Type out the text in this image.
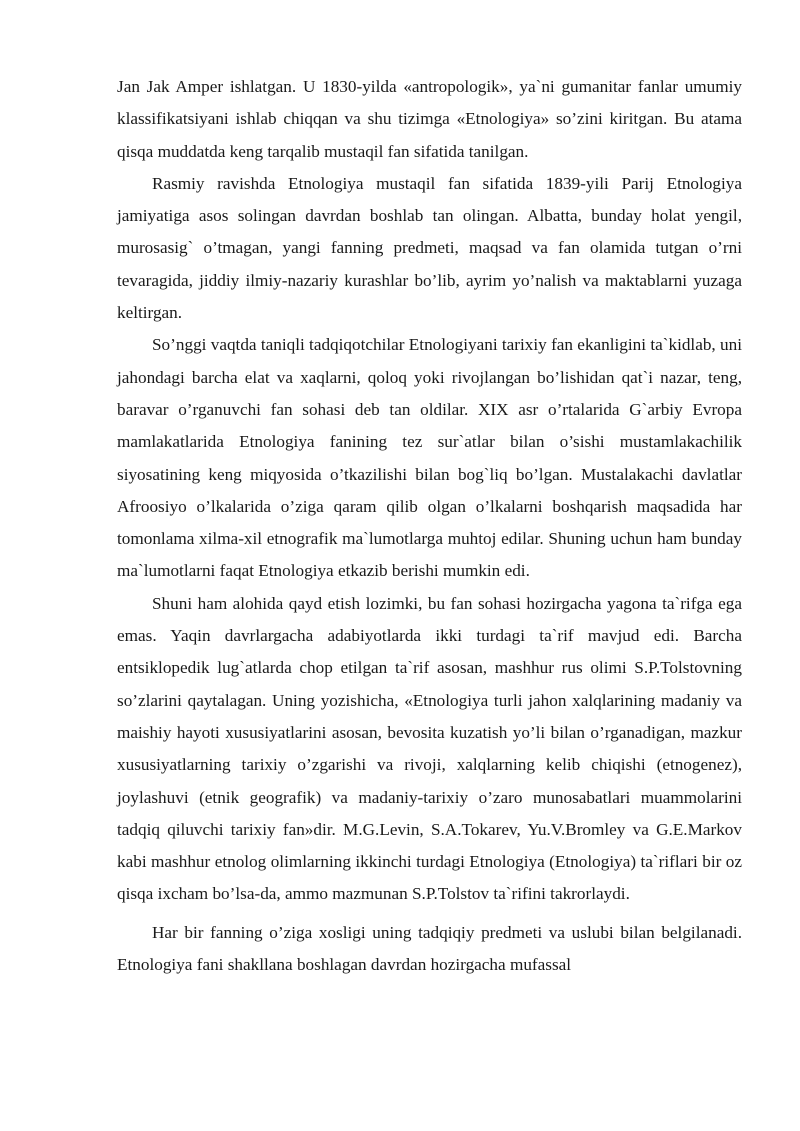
Jan Jak Amper ishlatgan. U 1830-yilda «antropologik», ya`ni gumanitar fanlar umumiy klassifikatsiyani ishlab chiqqan va shu tizimga «Etnologiya» so’zini kiritgan. Bu atama qisqa muddatda keng tarqalib mustaqil fan sifatida tanilgan.

Rasmiy ravishda Etnologiya mustaqil fan sifatida 1839-yili Parij Etnologiya jamiyatiga asos solingan davrdan boshlab tan olingan. Albatta, bunday holat yengil, murosasig` o’tmagan, yangi fanning predmeti, maqsad va fan olamida tutgan o’rni tevaragida, jiddiy ilmiy-nazariy kurashlar bo’lib, ayrim yo’nalish va maktablarni yuzaga keltirgan.

So’nggi vaqtda taniqli tadqiqotchilar Etnologiyani tarixiy fan ekanligini ta`kidlab, uni jahondagi barcha elat va xaqlarni, qoloq yoki rivojlangan bo’lishidan qat`i nazar, teng, baravar o’rganuvchi fan sohasi deb tan oldilar. XIX asr o’rtalarida G`arbiy Evropa mamlakatlarida Etnologiya fanining tez sur`atlar bilan o’sishi mustamlakachilik siyosatining keng miqyosida o’tkazilishi bilan bog`liq bo’lgan. Mustalakachi davlatlar Afroosiyo o’lkalarida o’ziga qaram qilib olgan o’lkalarni boshqarish maqsadida har tomonlama xilma-xil etnografik ma`lumotlarga muhtoj edilar. Shuning uchun ham bunday ma`lumotlarni faqat Etnologiya etkazib berishi mumkin edi.

Shuni ham alohida qayd etish lozimki, bu fan sohasi hozirgacha yagona ta`rifga ega emas. Yaqin davrlargacha adabiyotlarda ikki turdagi ta`rif mavjud edi. Barcha entsiklopedik lug`atlarda chop etilgan ta`rif asosan, mashhur rus olimi S.P.Tolstovning so’zlarini qaytalagan. Uning yozishicha, «Etnologiya turli jahon xalqlarining madaniy va maishiy hayoti xususiyatlarini asosan, bevosita kuzatish yo’li bilan o’rganadigan, mazkur xususiyatlarning tarixiy o’zgarishi va rivoji, xalqlarning kelib chiqishi (etnogenez), joylashuvi (etnik geografik) va madaniy-tarixiy o’zaro munosabatlari muammolarini tadqiq qiluvchi tarixiy fan»dir. M.G.Levin, S.A.Tokarev, Yu.V.Bromley va G.E.Markov kabi mashhur etnolog olimlarning ikkinchi turdagi Etnologiya (Etnologiya) ta`riflari bir oz qisqa ixcham bo’lsa-da, ammo mazmunan S.P.Tolstov ta`rifini takrorlaydi.

Har bir fanning o’ziga xosligi uning tadqiqiy predmeti va uslubi bilan belgilanadi. Etnologiya fani shakllana boshlagan davrdan hozirgacha mufassal
